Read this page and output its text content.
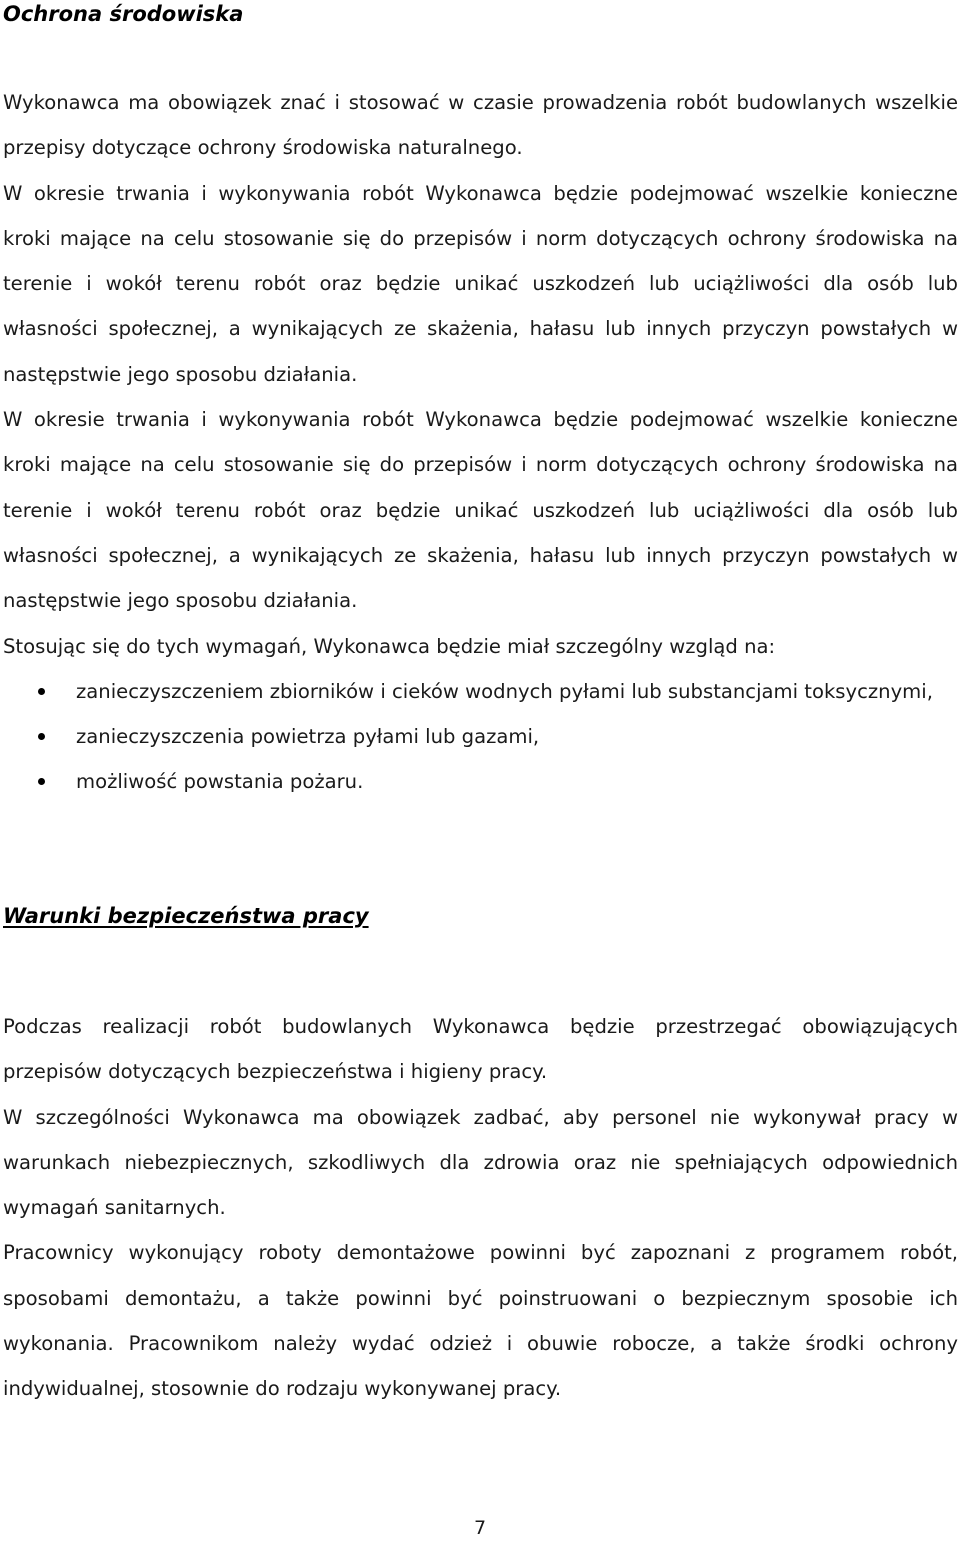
Ochrona środowiska

Wykonawca ma obowiązek znać i stosować w czasie prowadzenia robót budowlanych wszelkie przepisy dotyczące ochrony środowiska naturalnego.

W okresie trwania i wykonywania robót Wykonawca będzie podejmować wszelkie konieczne kroki mające na celu stosowanie się do przepisów i norm dotyczących ochrony środowiska na terenie i wokół terenu robót oraz będzie unikać uszkodzeń lub uciążliwości dla osób lub własności społecznej, a wynikających ze skażenia, hałasu lub innych przyczyn powstałych w następstwie jego sposobu działania.

W okresie trwania i wykonywania robót Wykonawca będzie podejmować wszelkie konieczne kroki mające na celu stosowanie się do przepisów i norm dotyczących ochrony środowiska na terenie i wokół terenu robót oraz będzie unikać uszkodzeń lub uciążliwości dla osób lub własności społecznej, a wynikających ze skażenia, hałasu lub innych przyczyn powstałych w następstwie jego sposobu działania.

Stosując się do tych wymagań, Wykonawca będzie miał szczególny wzgląd na:

zanieczyszczeniem zbiorników i cieków wodnych pyłami lub substancjami toksycznymi,
zanieczyszczenia powietrza pyłami lub gazami,
możliwość powstania pożaru.
Warunki bezpieczeństwa pracy

Podczas realizacji robót budowlanych Wykonawca będzie przestrzegać obowiązujących przepisów dotyczących bezpieczeństwa i higieny pracy.

W szczególności Wykonawca ma obowiązek zadbać, aby personel nie wykonywał pracy w warunkach niebezpiecznych, szkodliwych dla zdrowia oraz nie spełniających odpowiednich wymagań sanitarnych.

Pracownicy wykonujący roboty demontażowe powinni być zapoznani z programem robót, sposobami demontażu, a także powinni być poinstruowani o bezpiecznym sposobie ich wykonania. Pracownikom należy wydać odzież i obuwie robocze, a także środki ochrony indywidualnej, stosownie do rodzaju wykonywanej pracy.

7
